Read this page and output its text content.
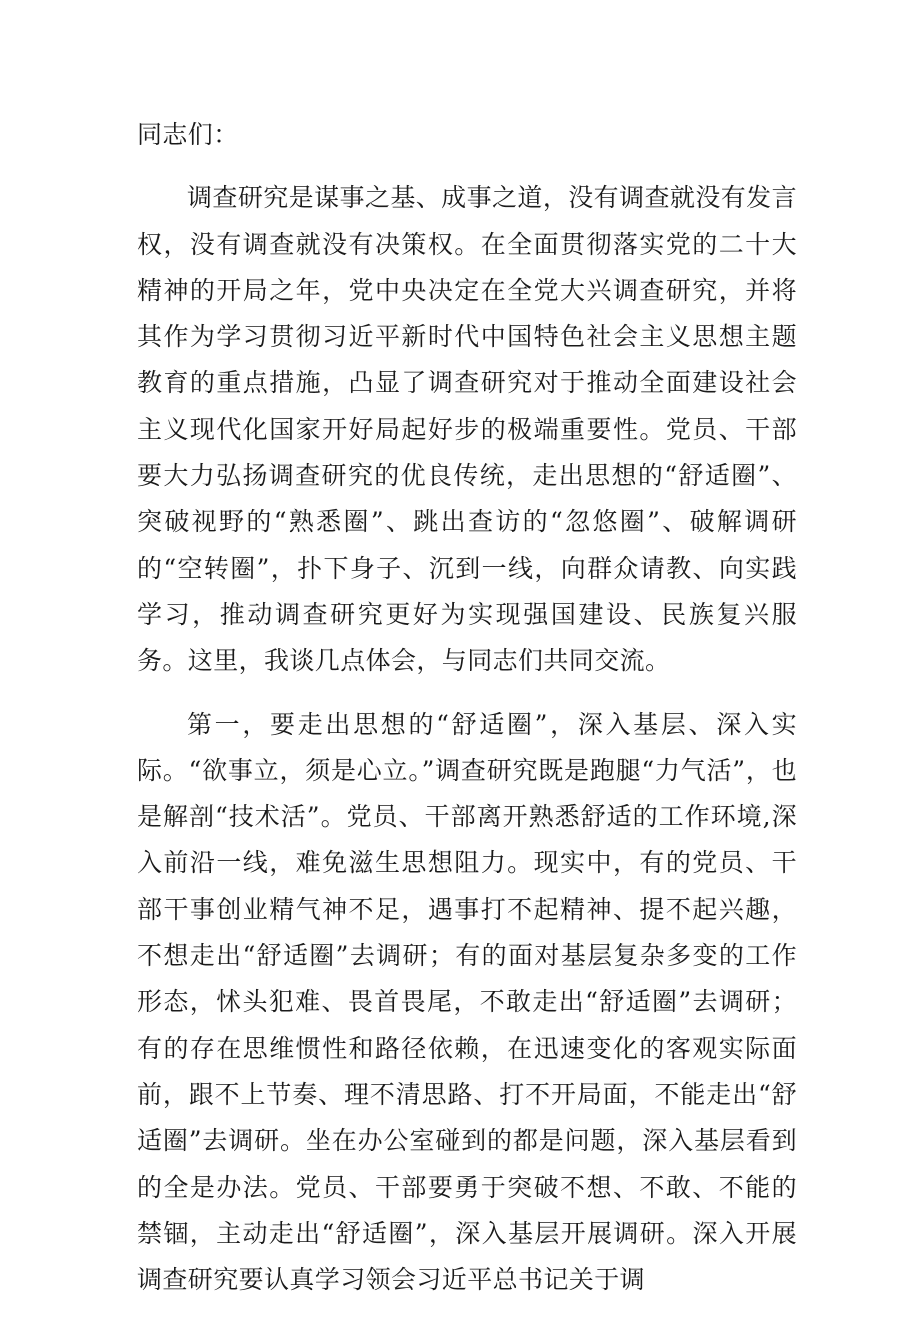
同志们：

调查研究是谋事之基、成事之道，没有调查就没有发言权，没有调查就没有决策权。在全面贯彻落实党的二十大精神的开局之年，党中央决定在全党大兴调查研究，并将其作为学习贯彻习近平新时代中国特色社会主义思想主题教育的重点措施，凸显了调查研究对于推动全面建设社会主义现代化国家开好局起好步的极端重要性。党员、干部要大力弘扬调查研究的优良传统，走出思想的“舒适圈”、突破视野的“熟悉圈”、跳出查访的“忽悠圈”、破解调研的“空转圈”，扑下身子、沉到一线，向群众请教、向实践学习，推动调查研究更好为实现强国建设、民族复兴服务。这里，我谈几点体会，与同志们共同交流。

第一，要走出思想的“舒适圈”，深入基层、深入实际。“欲事立，须是心立。”调查研究既是跑腿“力气活”，也是解剖“技术活”。党员、干部离开熟悉舒适的工作环境,深入前沿一线，难免滋生思想阻力。现实中，有的党员、干部干事创业精气神不足，遇事打不起精神、提不起兴趣，不想走出“舒适圈”去调研；有的面对基层复杂多变的工作形态，怵头犯难、畏首畏尾，不敢走出“舒适圈”去调研；有的存在思维惯性和路径依赖，在迅速变化的客观实际面前，跟不上节奏、理不清思路、打不开局面，不能走出“舒适圈”去调研。坐在办公室碰到的都是问题，深入基层看到的全是办法。党员、干部要勇于突破不想、不敢、不能的禁锢，主动走出“舒适圈”，深入基层开展调研。深入开展调查研究要认真学习领会习近平总书记关于调
